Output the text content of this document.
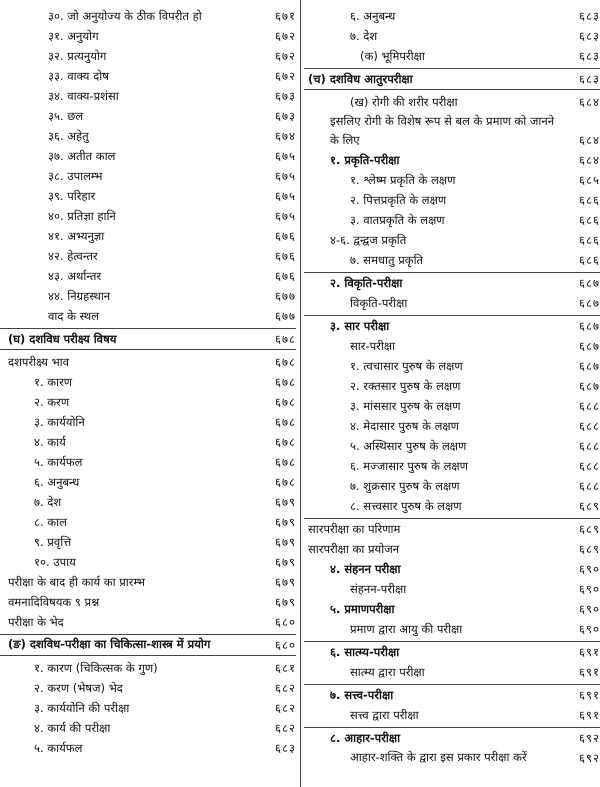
३०. जो अनुयोज्य के ठीक विपरीत हो	६७१
३१. अनुयोग	६७२
३२. प्रत्यनुयोग	६७२
३३. वाक्य दोष	६७२
३४. वाक्य-प्रशंसा	६७३
३५. छल	६७३
३६. अहेतु	६७४
३७. अतीत काल	६७५
३८. उपालम्भ	६७५
३९. परिहार	६७५
४०. प्रतिज्ञा हानि	६७५
४१. अभ्यनुज्ञा	६७६
४२. हेत्वन्तर	६७६
४३. अर्थान्तर	६७६
४४. निग्रहस्थान	६७७
वाद के स्थल	६७७
(घ) दशविध परीक्ष्य विषय	६७८
दशपरीक्ष्य भाव	६७८
१. कारण	६७८
२. करण	६७८
३. कार्ययोनि	६७८
४. कार्य	६७८
५. कार्यफल	६७८
६. अनुबन्ध	६७८
७. देश	६७९
८. काल	६७९
९. प्रवृत्ति	६७९
१०. उपाय	६७९
परीक्षा के बाद ही कार्य का प्रारम्भ	६७९
वमनादिविषयक ९ प्रश्न	६७९
परीक्षा के भेद	६८०
(ङ) दशविध-परीक्षा का चिकित्सा-शास्त्र में प्रयोग	६८०
१. कारण (चिकित्सक के गुण)	६८१
२. करण (भेषज) भेद	६८२
३. कार्ययोनि की परीक्षा	६८२
४. कार्य की परीक्षा	६८२
५. कार्यफल	६८३
६. अनुबन्ध	६८३
७. देश	६८३
(क) भूमिपरीक्षा	६८३
(च) दशविध आतुरपरीक्षा	६८३
(ख) रोगी की शरीर परीक्षा	६८४
इसलिए रोगी के विशेष रूप से बल के प्रमाण को जानने के लिए	६८४
१. प्रकृति-परीक्षा	६८४
१. श्लेष्म प्रकृति के लक्षण	६८५
२. पित्तप्रकृति के लक्षण	६८६
३. वातप्रकृति के लक्षण	६८६
४-६. द्वन्द्वज प्रकृति	६८६
७. समधातु प्रकृति	६८६
२. विकृति-परीक्षा	६८७
विकृति-परीक्षा	६८७
३. सार परीक्षा	६८७
सार-परीक्षा	६८७
१. त्वचासार पुरुष के लक्षण	६८७
२. रक्तसार पुरुष के लक्षण	६८७
३. मांससार पुरुष के लक्षण	६८८
४. मेदासार पुरुष के लक्षण	६८८
५. अस्थिसार पुरुष के लक्षण	६८८
६. मज्जासार पुरुष के लक्षण	६८८
७. शुक्रसार पुरुष के लक्षण	६८८
८. सत्त्वसार पुरुष के लक्षण	६८९
सारपरीक्षा का परिणाम	६८९
सारपरीक्षा का प्रयोजन	६८९
४. संहनन परीक्षा	६९०
संहनन-परीक्षा	६९०
५. प्रमाणपरीक्षा	६९०
प्रमाण द्वारा आयु की परीक्षा	६९०
६. सात्म्य-परीक्षा	६९१
सात्म्य द्वारा परीक्षा	६९१
७. सत्त्व-परीक्षा	६९१
सत्त्व द्वारा परीक्षा	६९१
८. आहार-परीक्षा	६९२
आहार-शक्ति के द्वारा इस प्रकार परीक्षा करें	६९२
